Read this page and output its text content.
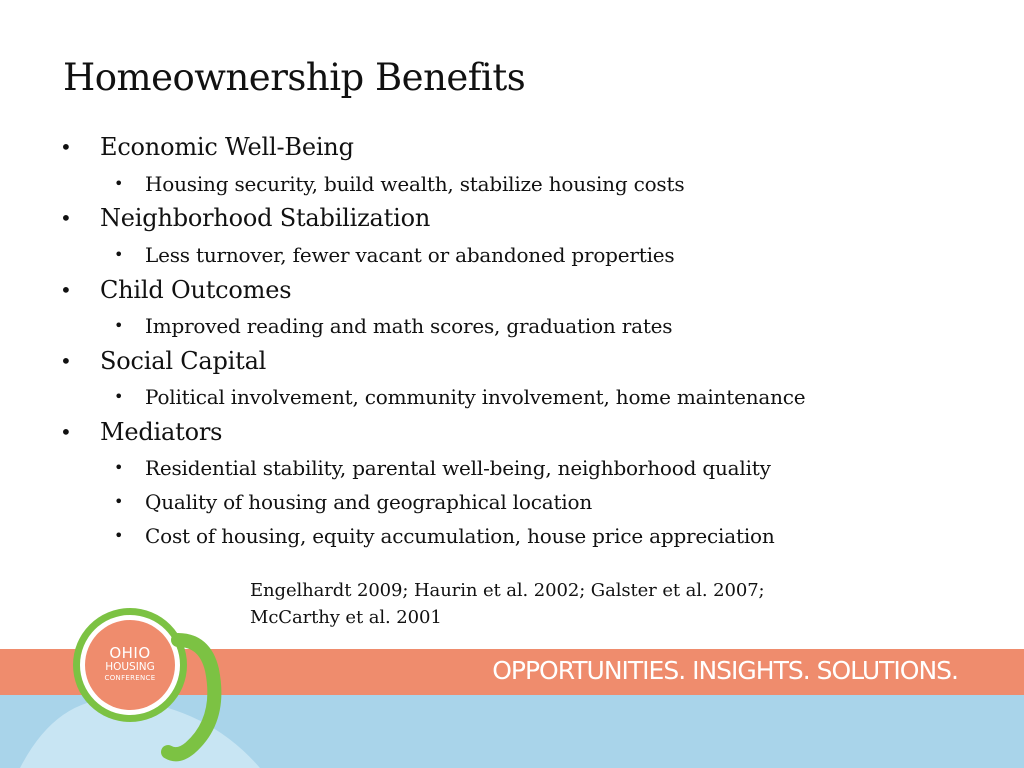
Homeownership Benefits
• Economic Well-Being
• Housing security, build wealth, stabilize housing costs
• Neighborhood Stabilization
• Less turnover, fewer vacant or abandoned properties
• Child Outcomes
• Improved reading and math scores, graduation rates
• Social Capital
• Political involvement, community involvement, home maintenance
• Mediators
• Residential stability, parental well-being, neighborhood quality
• Quality of housing and geographical location
• Cost of housing, equity accumulation, house price appreciation
Engelhardt 2009; Haurin et al. 2002; Galster et al. 2007;
McCarthy et al. 2001
OPPORTUNITIES. INSIGHTS. SOLUTIONS.
OHIO
HOUSING
CONFERENCE
